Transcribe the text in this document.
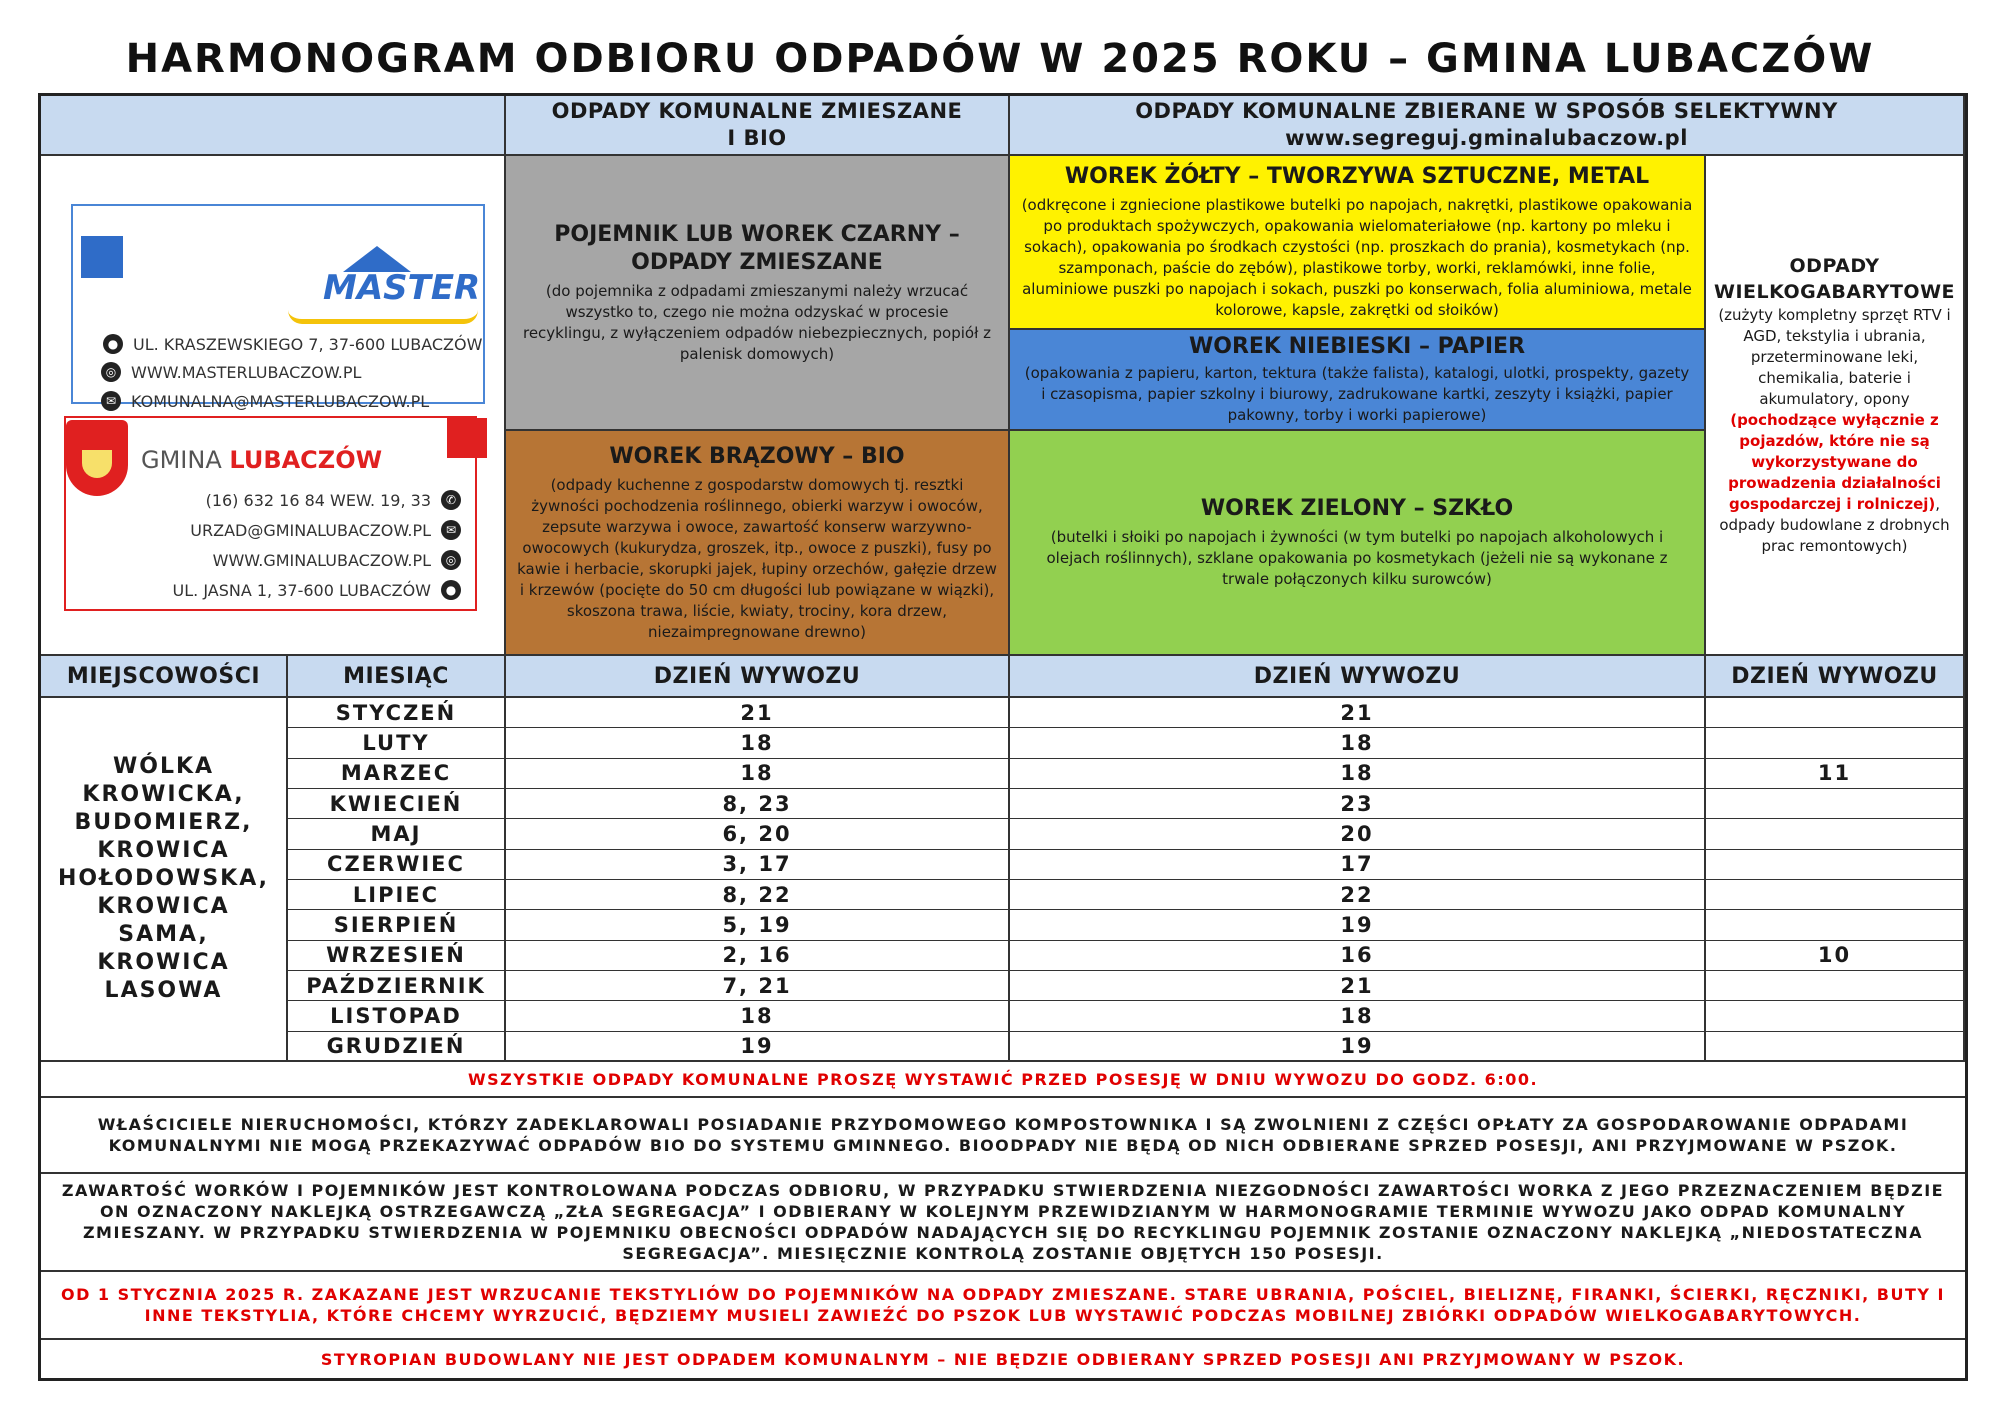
HARMONOGRAM ODBIORU ODPADÓW W 2025 ROKU – GMINA LUBACZÓW
ODPADY KOMUNALNE ZMIESZANE I BIO
ODPADY KOMUNALNE ZBIERANE W SPOSÓB SELEKTYWNY
www.segreguj.gminalubaczow.pl
MASTER
● UL. KRASZEWSKIEGO 7, 37-600 LUBACZÓW
◎ WWW.MASTERLUBACZOW.PL
✉ KOMUNALNA@MASTERLUBACZOW.PL
GMINA LUBACZÓW
(16) 632 16 84 WEW. 19, 33	✆
URZAD@GMINALUBACZOW.PL	✉
WWW.GMINALUBACZOW.PL	◎
UL. JASNA 1, 37-600 LUBACZÓW	●
POJEMNIK LUB WOREK CZARNY – ODPADY ZMIESZANE
(do pojemnika z odpadami zmieszanymi należy wrzucać wszystko to, czego nie można odzyskać w procesie recyklingu, z wyłączeniem odpadów niebezpiecznych, popiół z palenisk domowych)
WOREK BRĄZOWY – BIO
(odpady kuchenne z gospodarstw domowych tj. resztki żywności pochodzenia roślinnego, obierki warzyw i owoców, zepsute warzywa i owoce, zawartość konserw warzywno-owocowych (kukurydza, groszek, itp., owoce z puszki), fusy po kawie i herbacie, skorupki jajek, łupiny orzechów, gałęzie drzew i krzewów (pocięte do 50 cm długości lub powiązane w wiązki), skoszona trawa, liście, kwiaty, trociny, kora drzew, niezaimpregnowane drewno)
WOREK ŻÓŁTY – TWORZYWA SZTUCZNE, METAL
(odkręcone i zgniecione plastikowe butelki po napojach, nakrętki, plastikowe opakowania po produktach spożywczych, opakowania wielomateriałowe (np. kartony po mleku i sokach), opakowania po środkach czystości (np. proszkach do prania), kosmetykach (np. szamponach, paście do zębów), plastikowe torby, worki, reklamówki, inne folie, aluminiowe puszki po napojach i sokach, puszki po konserwach, folia aluminiowa, metale kolorowe, kapsle, zakrętki od słoików)
WOREK NIEBIESKI – PAPIER
(opakowania z papieru, karton, tektura (także falista), katalogi, ulotki, prospekty, gazety i czasopisma, papier szkolny i biurowy, zadrukowane kartki, zeszyty i książki, papier pakowny, torby i worki papierowe)
WOREK ZIELONY – SZKŁO
(butelki i słoiki po napojach i żywności (w tym butelki po napojach alkoholowych i olejach roślinnych), szklane opakowania po kosmetykach (jeżeli nie są wykonane z trwale połączonych kilku surowców)
ODPADY WIELKOGABARYTOWE
(zużyty kompletny sprzęt RTV i AGD, tekstylia i ubrania, przeterminowane leki, chemikalia, baterie i akumulatory, opony (pochodzące wyłącznie z pojazdów, które nie są wykorzystywane do prowadzenia działalności gospodarczej i rolniczej), odpady budowlane z drobnych prac remontowych)
MIEJSCOWOŚCI	MIESIĄC	DZIEŃ WYWOZU	DZIEŃ WYWOZU	DZIEŃ WYWOZU
WÓLKA KROWICKA, BUDOMIERZ, KROWICA HOŁODOWSKA, KROWICA SAMA, KROWICA LASOWA
STYCZEŃ	21	21
LUTY	18	18
MARZEC	18	18	11
KWIECIEŃ	8, 23	23
MAJ	6, 20	20
CZERWIEC	3, 17	17
LIPIEC	8, 22	22
SIERPIEŃ	5, 19	19
WRZESIEŃ	2, 16	16	10
PAŹDZIERNIK	7, 21	21
LISTOPAD	18	18
GRUDZIEŃ	19	19
WSZYSTKIE ODPADY KOMUNALNE PROSZĘ WYSTAWIĆ PRZED POSESJĘ W DNIU WYWOZU DO GODZ. 6:00.
WŁAŚCICIELE NIERUCHOMOŚCI, KTÓRZY ZADEKLAROWALI POSIADANIE PRZYDOMOWEGO KOMPOSTOWNIKA I SĄ ZWOLNIENI Z CZĘŚCI OPŁATY ZA GOSPODAROWANIE ODPADAMI KOMUNALNYMI NIE MOGĄ PRZEKAZYWAĆ ODPADÓW BIO DO SYSTEMU GMINNEGO. BIOODPADY NIE BĘDĄ OD NICH ODBIERANE SPRZED POSESJI, ANI PRZYJMOWANE W PSZOK.
ZAWARTOŚĆ WORKÓW I POJEMNIKÓW JEST KONTROLOWANA PODCZAS ODBIORU, W PRZYPADKU STWIERDZENIA NIEZGODNOŚCI ZAWARTOŚCI WORKA Z JEGO PRZEZNACZENIEM BĘDZIE ON OZNACZONY NAKLEJKĄ OSTRZEGAWCZĄ „ZŁA SEGREGACJA” I ODBIERANY W KOLEJNYM PRZEWIDZIANYM W HARMONOGRAMIE TERMINIE WYWOZU JAKO ODPAD KOMUNALNY ZMIESZANY. W PRZYPADKU STWIERDZENIA W POJEMNIKU OBECNOŚCI ODPADÓW NADAJĄCYCH SIĘ DO RECYKLINGU POJEMNIK ZOSTANIE OZNACZONY NAKLEJKĄ „NIEDOSTATECZNA SEGREGACJA”. MIESIĘCZNIE KONTROLĄ ZOSTANIE OBJĘTYCH 150 POSESJI.
OD 1 STYCZNIA 2025 R. ZAKAZANE JEST WRZUCANIE TEKSTYLIÓW DO POJEMNIKÓW NA ODPADY ZMIESZANE. STARE UBRANIA, POŚCIEL, BIELIZNĘ, FIRANKI, ŚCIERKI, RĘCZNIKI, BUTY I INNE TEKSTYLIA, KTÓRE CHCEMY WYRZUCIĆ, BĘDZIEMY MUSIELI ZAWIEŹĆ DO PSZOK LUB WYSTAWIĆ PODCZAS MOBILNEJ ZBIÓRKI ODPADÓW WIELKOGABARYTOWYCH.
STYROPIAN BUDOWLANY NIE JEST ODPADEM KOMUNALNYM – NIE BĘDZIE ODBIERANY SPRZED POSESJI ANI PRZYJMOWANY W PSZOK.
